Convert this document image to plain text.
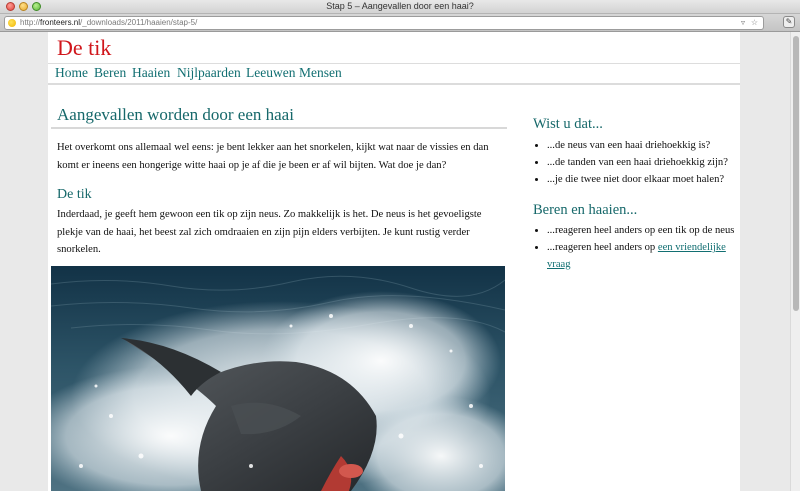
Stap 5 – Aangevallen door een haai?
http://fronteers.nl/_downloads/2011/haaien/stap-5/	▿ ☆	✎
De tik
Home Beren Haaien Nijlpaarden Leeuwen Mensen
Aangevallen worden door een haai

Het overkomt ons allemaal wel eens: je bent lekker aan het snorkelen, kijkt wat naar de vissies en dan komt er ineens een hongerige witte haai op je af die je been er af wil bijten. Wat doe je dan?

De tik

Inderdaad, je geeft hem gewoon een tik op zijn neus. Zo makkelijk is het. De neus is het gevoeligste plekje van de haai, het beest zal zich omdraaien en zijn pijn elders verbijten. Je kunt rustig verder snorkelen.

Wist u dat...
• ...de neus van een haai driehoekkig is?
• ...de tanden van een haai driehoekkig zijn?
• ...je die twee niet door elkaar moet halen?
Beren en haaien...
• ...reageren heel anders op een tik op de neus
• ...reageren heel anders op een vriendelijke vraag
